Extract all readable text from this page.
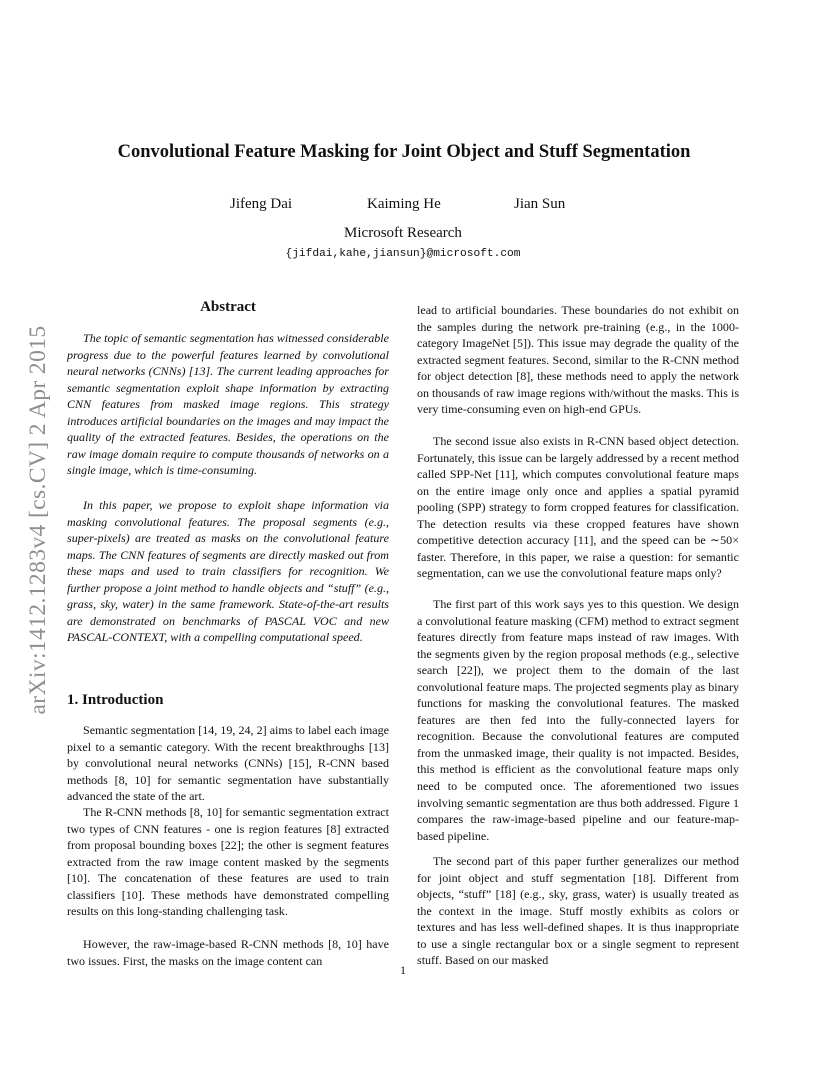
arXiv:1412.1283v4 [cs.CV] 2 Apr 2015
Convolutional Feature Masking for Joint Object and Stuff Segmentation
Jifeng Dai	Kaiming He	Jian Sun
Microsoft Research
{jifdai,kahe,jiansun}@microsoft.com
Abstract

The topic of semantic segmentation has witnessed considerable progress due to the powerful features learned by convolutional neural networks (CNNs) [13]. The current leading approaches for semantic segmentation exploit shape information by extracting CNN features from masked image regions. This strategy introduces artificial boundaries on the images and may impact the quality of the extracted features. Besides, the operations on the raw image domain require to compute thousands of networks on a single image, which is time-consuming.

In this paper, we propose to exploit shape information via masking convolutional features. The proposal segments (e.g., super-pixels) are treated as masks on the convolutional feature maps. The CNN features of segments are directly masked out from these maps and used to train classifiers for recognition. We further propose a joint method to handle objects and “stuff” (e.g., grass, sky, water) in the same framework. State-of-the-art results are demonstrated on benchmarks of PASCAL VOC and new PASCAL-CONTEXT, with a compelling computational speed.

1. Introduction

Semantic segmentation [14, 19, 24, 2] aims to label each image pixel to a semantic category. With the recent breakthroughs [13] by convolutional neural networks (CNNs) [15], R-CNN based methods [8, 10] for semantic segmentation have substantially advanced the state of the art.

The R-CNN methods [8, 10] for semantic segmentation extract two types of CNN features - one is region features [8] extracted from proposal bounding boxes [22]; the other is segment features extracted from the raw image content masked by the segments [10]. The concatenation of these features are used to train classifiers [10]. These methods have demonstrated compelling results on this long-standing challenging task.

However, the raw-image-based R-CNN methods [8, 10] have two issues. First, the masks on the image content can

lead to artificial boundaries. These boundaries do not exhibit on the samples during the network pre-training (e.g., in the 1000-category ImageNet [5]). This issue may degrade the quality of the extracted segment features. Second, similar to the R-CNN method for object detection [8], these methods need to apply the network on thousands of raw image regions with/without the masks. This is very time-consuming even on high-end GPUs.

The second issue also exists in R-CNN based object detection. Fortunately, this issue can be largely addressed by a recent method called SPP-Net [11], which computes convolutional feature maps on the entire image only once and applies a spatial pyramid pooling (SPP) strategy to form cropped features for classification. The detection results via these cropped features have shown competitive detection accuracy [11], and the speed can be ∼50× faster. Therefore, in this paper, we raise a question: for semantic segmentation, can we use the convolutional feature maps only?

The first part of this work says yes to this question. We design a convolutional feature masking (CFM) method to extract segment features directly from feature maps instead of raw images. With the segments given by the region proposal methods (e.g., selective search [22]), we project them to the domain of the last convolutional feature maps. The projected segments play as binary functions for masking the convolutional features. The masked features are then fed into the fully-connected layers for recognition. Because the convolutional features are computed from the unmasked image, their quality is not impacted. Besides, this method is efficient as the convolutional feature maps only need to be computed once. The aforementioned two issues involving semantic segmentation are thus both addressed. Figure 1 compares the raw-image-based pipeline and our feature-map-based pipeline.

The second part of this paper further generalizes our method for joint object and stuff segmentation [18]. Different from objects, “stuff” [18] (e.g., sky, grass, water) is usually treated as the context in the image. Stuff mostly exhibits as colors or textures and has less well-defined shapes. It is thus inappropriate to use a single rectangular box or a single segment to represent stuff. Based on our masked

1
